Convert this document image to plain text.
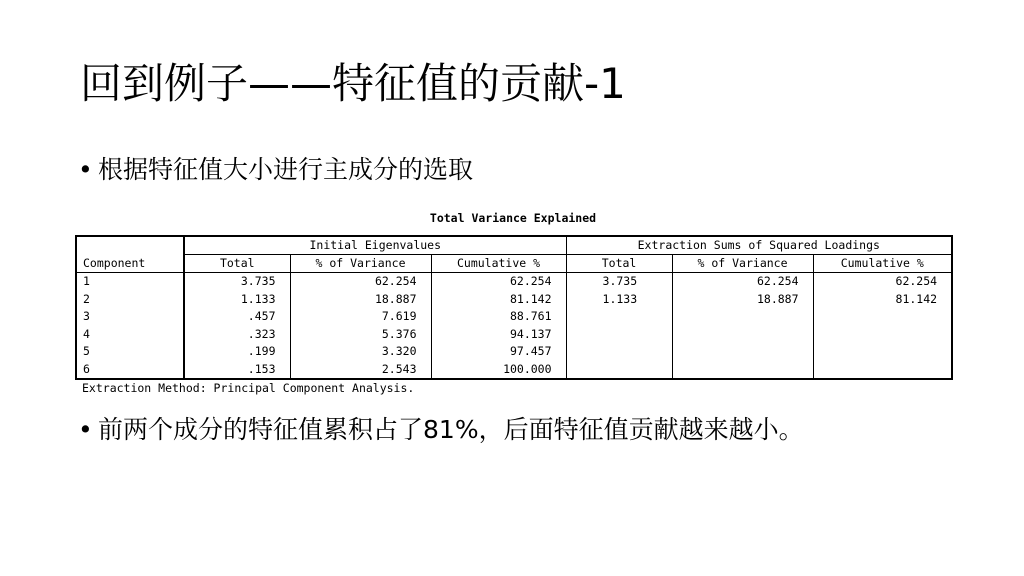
回到例子——特征值的贡献-1
• 根据特征值大小进行主成分的选取
Total Variance Explained
	Initial Eigenvalues			Extraction Sums of Squared Loadings		
Component	Total	% of Variance	Cumulative %	Total	% of Variance	Cumulative %
1	3.735	62.254	62.254	3.735	62.254	62.254
2	1.133	18.887	81.142	1.133	18.887	81.142
3	.457	7.619	88.761			
4	.323	5.376	94.137			
5	.199	3.320	97.457			
6	.153	2.543	100.000			
Extraction Method: Principal Component Analysis.
• 前两个成分的特征值累积占了81%，后面特征值贡献越来越小。
